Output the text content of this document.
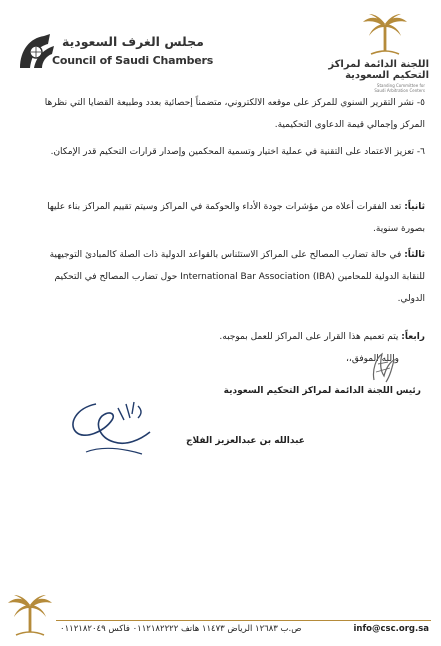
مجلس الغرف السعودية
Council of Saudi Chambers	اللجنة الدائمة لمراكز
التحكيم السعودية
Standing Committee for
Saudi Arbitration Centers
٥- نشر التقرير السنوي للمركز على موقعه الالكتروني، متضمناً إحصائية بعدد وطبيعة القضايا التي نظرها المركز وإجمالي قيمة الدعاوى التحكيمية.
٦- تعزيز الاعتماد على التقنية في عملية اختيار وتسمية المحكمين وإصدار قرارات التحكيم قدر الإمكان.
ثانياً: تعد الفقرات أعلاه من مؤشرات جودة الأداء والحوكمة في المراكز وسيتم تقييم المراكز بناء عليها بصورة سنوية.
ثالثاً: في حالة تضارب المصالح على المراكز الاستئناس بالقواعد الدولية ذات الصلة كالمبادئ التوجيهية للنقابة الدولية للمحامين International Bar Association (IBA) حول تضارب المصالح في التحكيم الدولي.
رابعاً: يتم تعميم هذا القرار على المراكز للعمل بموجبه.
والله الموفق،،
رئيس اللجنة الدائمة لمراكز التحكيم السعودية
عبدالله بن عبدالعزيز الفلاج
ص.ب ١٢٦٨٣ الرياض ١١٤٧٣ هاتف ٠١١٢١٨٢٢٢٢ فاكس ٠١١٢١٨٢٠٤٩	info@csc.org.sa
